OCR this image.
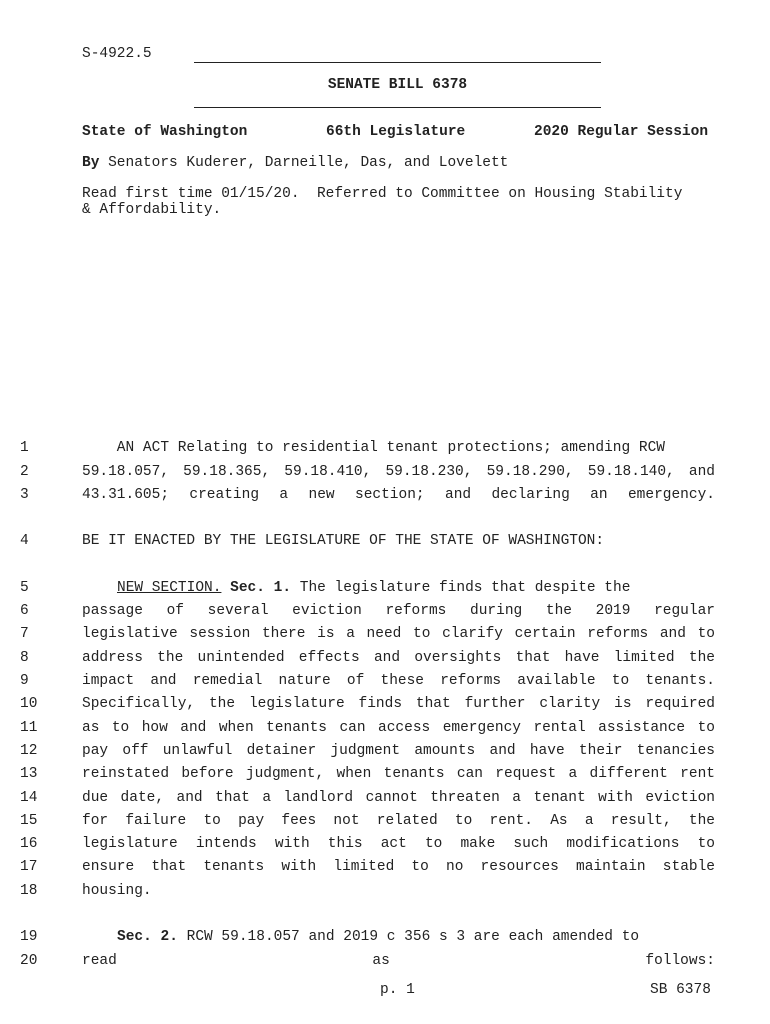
S-4922.5
SENATE BILL 6378
State of Washington	66th Legislature	2020 Regular Session
By Senators Kuderer, Darneille, Das, and Lovelett
Read first time 01/15/20.  Referred to Committee on Housing Stability
& Affordability.
1	AN ACT Relating to residential tenant protections; amending RCW
2	59.18.057, 59.18.365, 59.18.410, 59.18.230, 59.18.290, 59.18.140, and
3	43.31.605; creating a new section; and declaring an emergency.
4	BE IT ENACTED BY THE LEGISLATURE OF THE STATE OF WASHINGTON:
5	NEW SECTION. Sec. 1. The legislature finds that despite the
6	passage of several eviction reforms during the 2019 regular
7	legislative session there is a need to clarify certain reforms and to
8	address the unintended effects and oversights that have limited the
9	impact and remedial nature of these reforms available to tenants.
10	Specifically, the legislature finds that further clarity is required
11	as to how and when tenants can access emergency rental assistance to
12	pay off unlawful detainer judgment amounts and have their tenancies
13	reinstated before judgment, when tenants can request a different rent
14	due date, and that a landlord cannot threaten a tenant with eviction
15	for failure to pay fees not related to rent. As a result, the
16	legislature intends with this act to make such modifications to
17	ensure that tenants with limited to no resources maintain stable
18	housing.
19	Sec. 2. RCW 59.18.057 and 2019 c 356 s 3 are each amended to
20	read as follows:
p. 1	SB 6378
